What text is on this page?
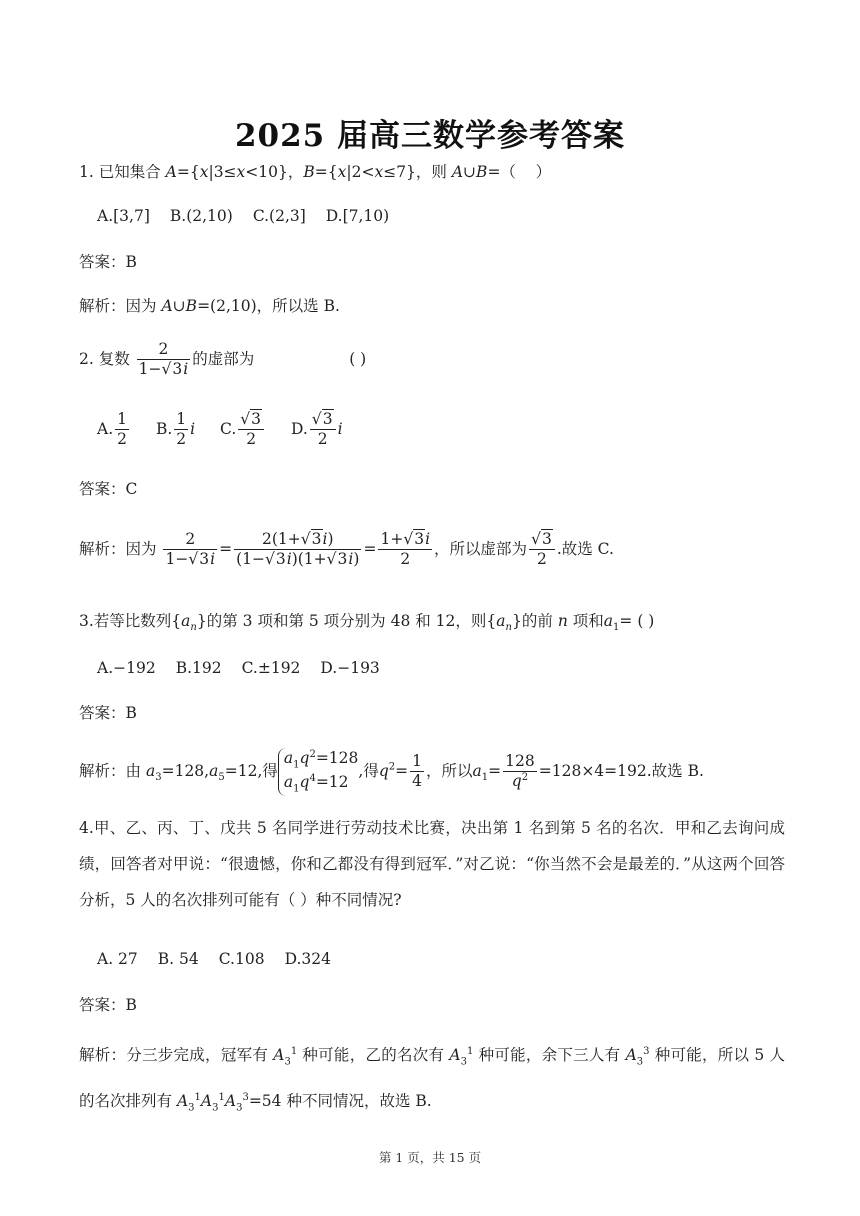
2025 届高三数学参考答案
1. 已知集合 A={x|3≤x<10}，B={x|2<x≤7}，则 A∪B=（    ）
A.[3,7] B.(2,10) C.(2,3] D.[7,10)
答案：B
解析：因为 A∪B=(2,10)，所以选 B.
2. 复数 $\frac{2}{1-√3i}$ 的虚部为	( )
A. $\frac{1}{2} B$. $\frac{1}{2}$ i C. $\frac{√3}{2} D$. $\frac{√3}{2}$ i
答案：C
解析：因为 $\frac{2}{1-√3i} = \frac{2(1+√3i)}{(1-√3i)(1+√3i)} = \frac{1+√3i}{2}$ ，所以虚部为 $\frac{√3}{2}$ .故选 C.
3.若等比数列$\{a_n\}$的第 3 项和第 5 项分别为 48 和 12，则$\{a_n\}$的前 n 项和$a_1=$ ( )
A.−192 B.192 C.±192 D.−193
答案：B
解析：由 $a_3=128,a_5=12$,得$a_1q^2=128$
$a_1q^4=12$,得$q^2= \frac{1}{4}$ ，所以$a_1= \frac{128}{q^2} =128\times 4=192$.故选 B.
4.甲、乙、丙、丁、戊共 5 名同学进行劳动技术比赛，决出第 1 名到第 5 名的名次．甲和乙去询问成绩，回答者对甲说：“很遗憾，你和乙都没有得到冠军．”对乙说：“你当然不会是最差的．”从这两个回答分析，5 人的名次排列可能有（ ）种不同情况?
A. 27 B. 54 C.108 D.324
答案：B
解析：分三步完成，冠军有 $A_3^1$ 种可能，乙的名次有 $A_3^1$ 种可能，余下三人有 $A_3^3$ 种可能，所以 5 人的名次排列有 $A_3^1A_3^1A_3^3=54$ 种不同情况，故选 B.
第 1 页，共 15 页
